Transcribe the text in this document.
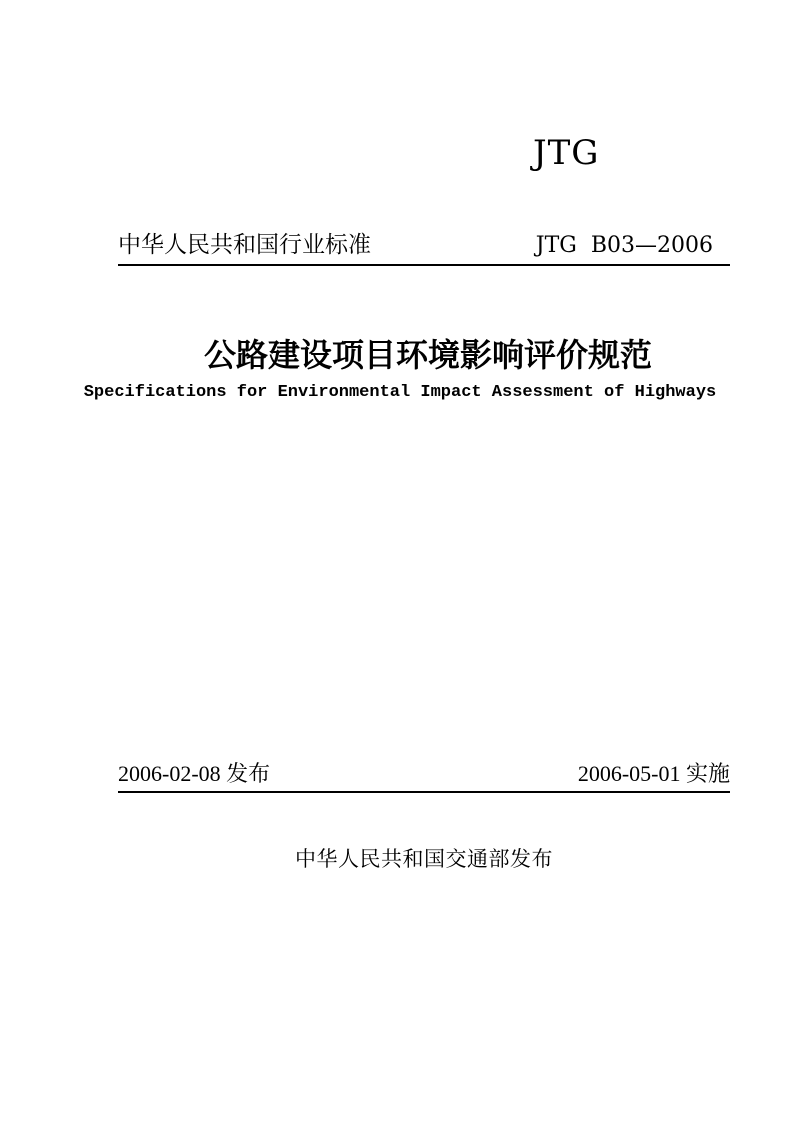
JTG
中华人民共和国行业标准	JTG  B03—2006
公路建设项目环境影响评价规范
Specifications for Environmental Impact Assessment of Highways
2006-02-08 发布	2006-05-01 实施
中华人民共和国交通部发布
